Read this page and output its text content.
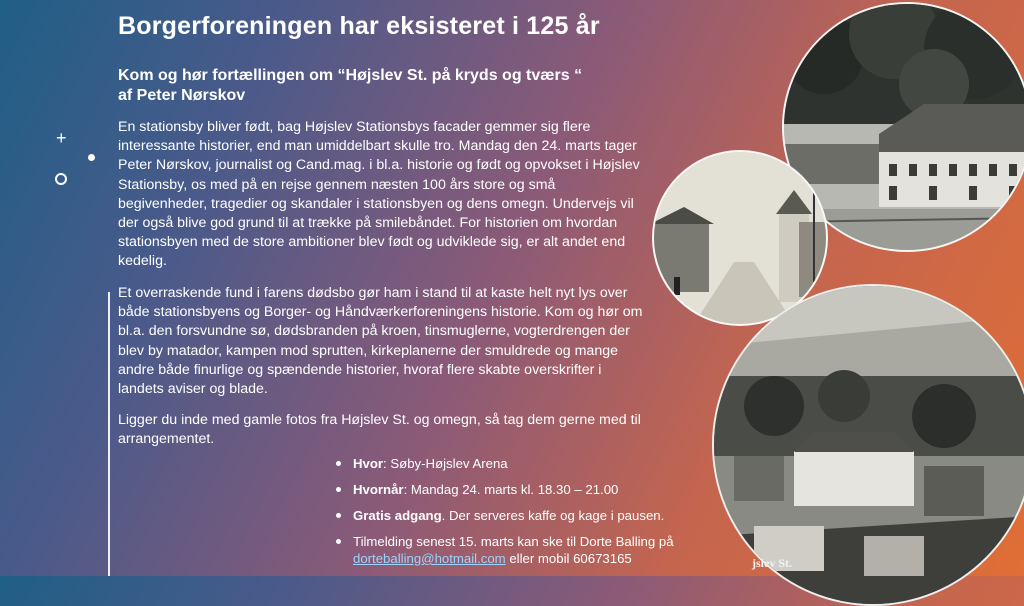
Borgerforeningen har eksisteret i 125 år
Kom og hør fortællingen om “Højslev St. på kryds og tværs “
af Peter Nørskov
+

En stationsby bliver født, bag Højslev Stationsbys facader gemmer sig flere interessante historier, end man umiddelbart skulle tro. Mandag den 24. marts tager Peter Nørskov, journalist og Cand.mag. i bl.a. historie og født og opvokset i Højslev Stationsby, os med på en rejse gennem næsten 100 års store og små begivenheder, tragedier og skandaler i stationsbyen og dens omegn. Undervejs vil der også blive god grund til at trække på smilebåndet. For historien om hvordan stationsbyen med de store ambitioner blev født og udviklede sig, er alt andet end kedelig.

Et overraskende fund i farens dødsbo gør ham i stand til at kaste helt nyt lys over både stationsbyens og Borger- og Håndværkerforeningens historie. Kom og hør om bl.a. den forsvundne sø, dødsbranden på kroen, tinsmuglerne, vogterdrengen der blev by matador, kampen mod sprutten, kirkeplanerne der smuldrede og mange andre både finurlige og spændende historier, hvoraf flere skabte overskrifter i landets aviser og blade.

Ligger du inde med gamle fotos fra Højslev St. og omegn, så tag dem gerne med til arrangementet.

Hvor: Søby-Højslev Arena
Hvornår: Mandag 24. marts kl. 18.30 – 21.00
Gratis adgang. Der serveres kaffe og kage i pausen.
Tilmelding senest 15. marts kan ske til Dorte Balling på
dorteballing@hotmail.com eller mobil 60673165	jslev St.
